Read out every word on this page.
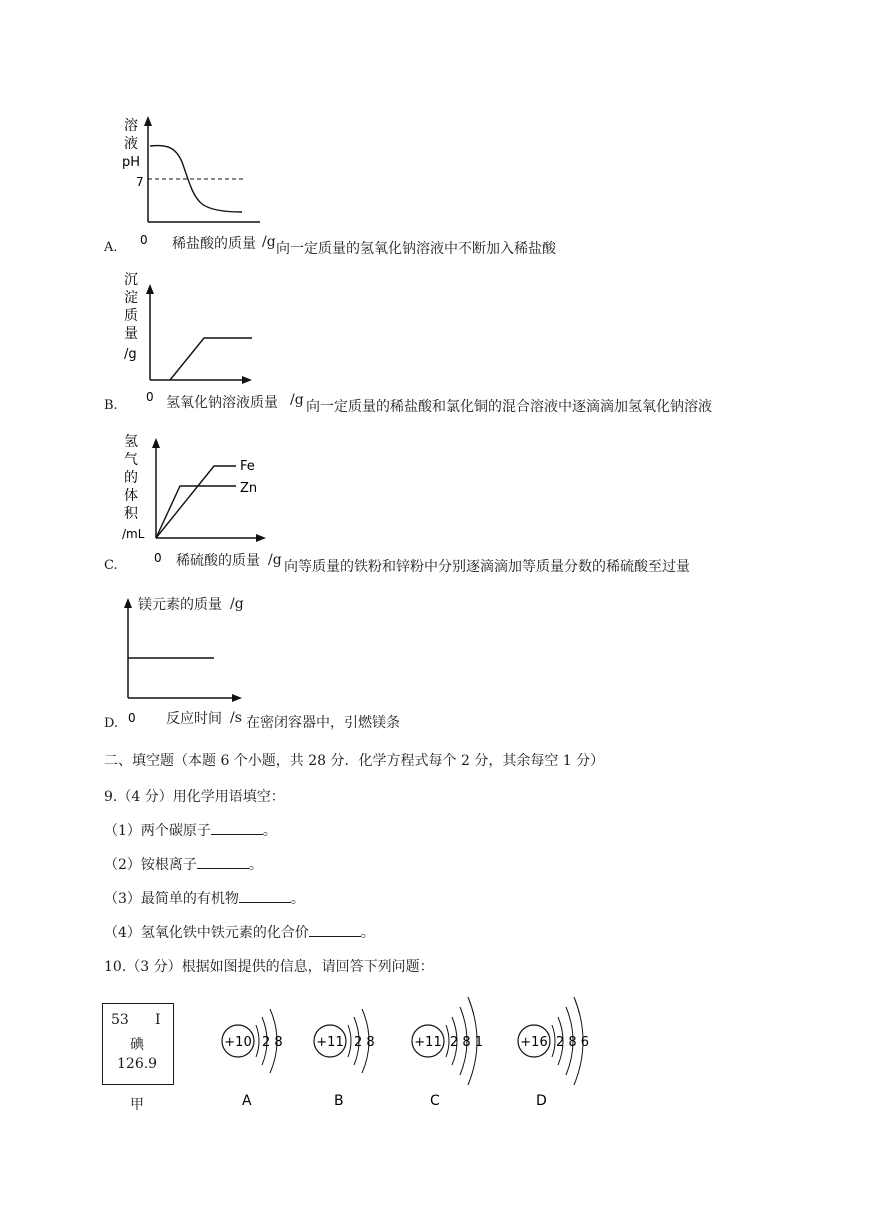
溶
液
pH
7
0
A.	稀盐酸的质量 /g 向一定质量的氢氧化钠溶液中不断加入稀盐酸
沉
淀
质
量
/g
0
B.	氢氧化钠溶液质量 /g 向一定质量的稀盐酸和氯化铜的混合溶液中逐滴滴加氢氧化钠溶液
氢
气
的
体
积
/mL
Fe
Zn
0
C.	稀硫酸的质量 /g 向等质量的铁粉和锌粉中分别逐滴滴加等质量分数的稀硫酸至过量
0
镁元素的质量 /g
D.	反应时间 /s 在密闭容器中，引燃镁条
二、填空题（本题 6 个小题，共 28 分．化学方程式每个 2 分，其余每空 1 分）
9.（4 分）用化学用语填空：
（1）两个碳原子	。
（2）铵根离子	。
（3）最简单的有机物	。
（4）氢氧化铁中铁元素的化合价	。
10.（3 分）根据如图提供的信息，请回答下列问题：
53 I
碘
126.9
甲
+10 2 8
A
+11 2 8
B
+11 2 8 1
C
+16 2 8 6
D
